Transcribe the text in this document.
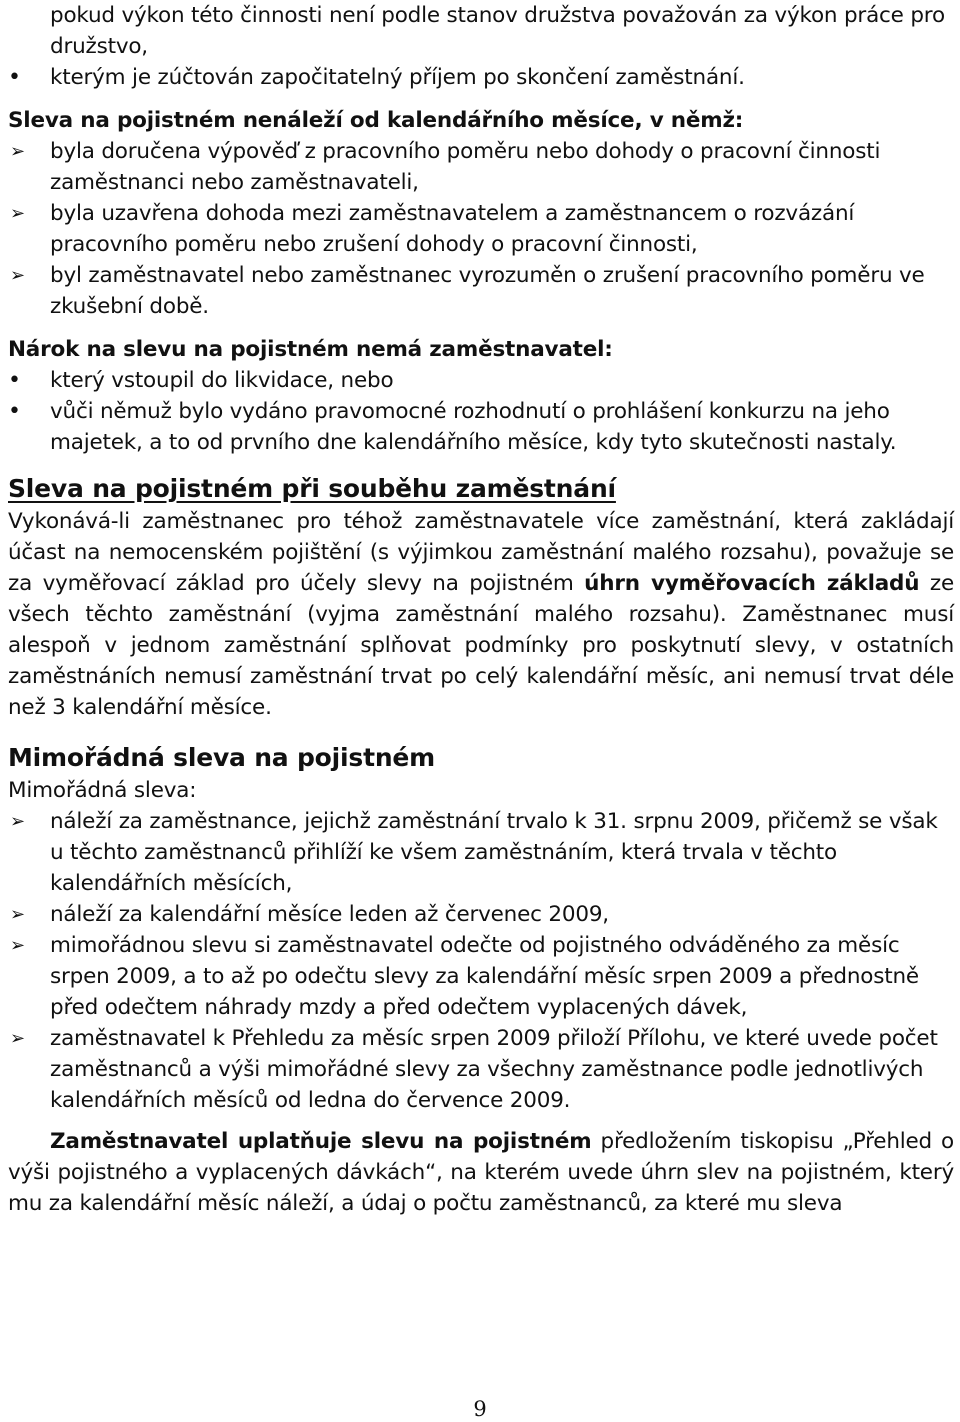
pokud výkon této činnosti není podle stanov družstva považován za výkon práce pro družstvo,

•	kterým je zúčtován započitatelný příjem po skončení zaměstnání.

Sleva na pojistném nenáleží od kalendářního měsíce, v němž:

➢	byla doručena výpověď z pracovního poměru nebo dohody o pracovní činnosti zaměstnanci nebo zaměstnavateli,
➢	byla uzavřena dohoda mezi zaměstnavatelem a zaměstnancem o rozvázání pracovního poměru nebo zrušení dohody o pracovní činnosti,
➢	byl zaměstnavatel nebo zaměstnanec vyrozuměn o zrušení pracovního poměru ve zkušební době.

Nárok na slevu na pojistném nemá zaměstnavatel:

•	který vstoupil do likvidace, nebo
•	vůči němuž bylo vydáno pravomocné rozhodnutí o prohlášení konkurzu na jeho majetek, a to od prvního dne kalendářního měsíce, kdy tyto skutečnosti nastaly.

Sleva na pojistném při souběhu zaměstnání

Vykonává-li zaměstnanec pro téhož zaměstnavatele více zaměstnání, která zakládají účast na nemocenském pojištění (s výjimkou zaměstnání malého rozsahu), považuje se za vyměřovací základ pro účely slevy na pojistném úhrn vyměřovacích základů ze všech těchto zaměstnání (vyjma zaměstnání malého rozsahu). Zaměstnanec musí alespoň v jednom zaměstnání splňovat podmínky pro poskytnutí slevy, v ostatních zaměstnáních nemusí zaměstnání trvat po celý kalendářní měsíc, ani nemusí trvat déle než 3 kalendářní měsíce.

Mimořádná sleva na pojistném

Mimořádná sleva:

➢	náleží za zaměstnance, jejichž zaměstnání trvalo k 31. srpnu 2009, přičemž se však u těchto zaměstnanců přihlíží ke všem zaměstnáním, která trvala v těchto kalendářních měsících,
➢	náleží za kalendářní měsíce leden až červenec 2009,
➢	mimořádnou slevu si zaměstnavatel odečte od pojistného odváděného za měsíc srpen 2009, a to až po odečtu slevy za kalendářní měsíc srpen 2009 a přednostně před odečtem náhrady mzdy a před odečtem vyplacených dávek,
➢	zaměstnavatel k Přehledu za měsíc srpen 2009 přiloží Přílohu, ve které uvede počet zaměstnanců a výši mimořádné slevy za všechny zaměstnance podle jednotlivých kalendářních měsíců od ledna do července 2009.

Zaměstnavatel uplatňuje slevu na pojistném předložením tiskopisu „Přehled o výši pojistného a vyplacených dávkách“, na kterém uvede úhrn slev na pojistném, který mu za kalendářní měsíc náleží, a údaj o počtu zaměstnanců, za které mu sleva

9
